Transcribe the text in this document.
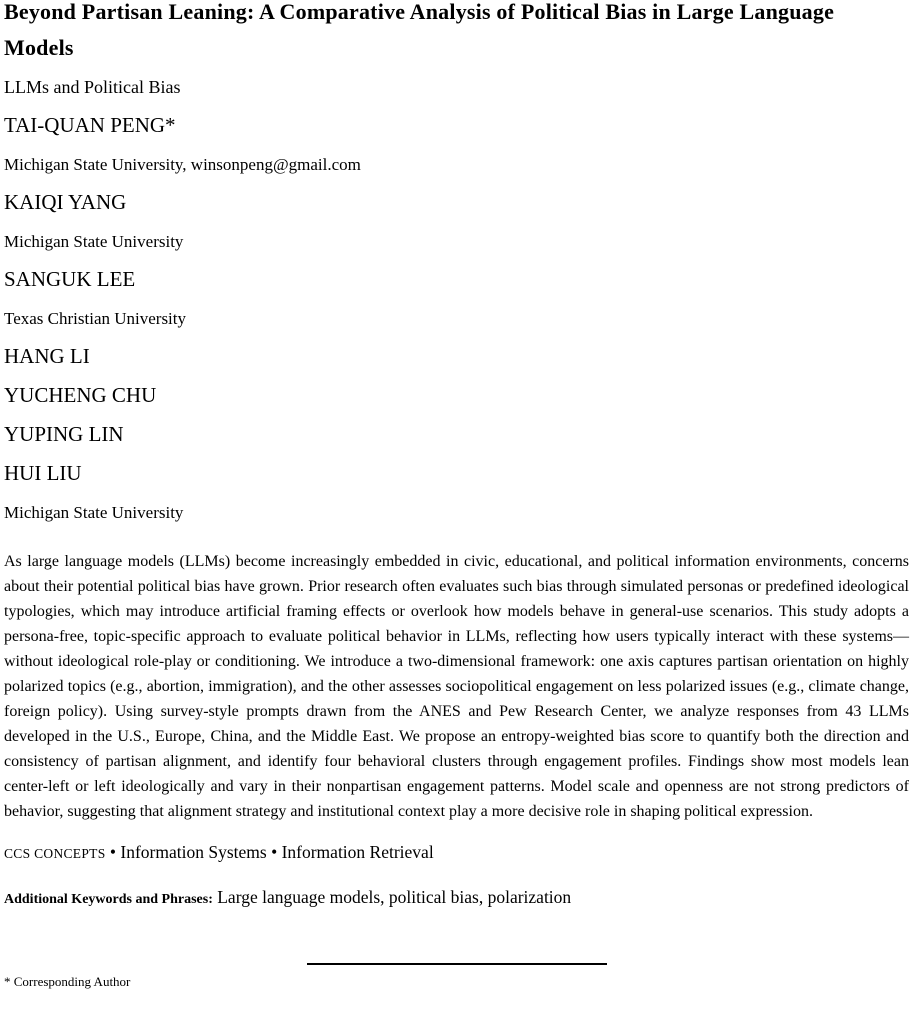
Beyond Partisan Leaning: A Comparative Analysis of Political Bias in Large Language Models
LLMs and Political Bias
TAI-QUAN PENG*
Michigan State University, winsonpeng@gmail.com
KAIQI YANG
Michigan State University
SANGUK LEE
Texas Christian University
HANG LI
YUCHENG CHU
YUPING LIN
HUI LIU
Michigan State University

As large language models (LLMs) become increasingly embedded in civic, educational, and political information environments, concerns about their potential political bias have grown. Prior research often evaluates such bias through simulated personas or predefined ideological typologies, which may introduce artificial framing effects or overlook how models behave in general-use scenarios. This study adopts a persona-free, topic-specific approach to evaluate political behavior in LLMs, reflecting how users typically interact with these systems—without ideological role-play or conditioning. We introduce a two-dimensional framework: one axis captures partisan orientation on highly polarized topics (e.g., abortion, immigration), and the other assesses sociopolitical engagement on less polarized issues (e.g., climate change, foreign policy). Using survey-style prompts drawn from the ANES and Pew Research Center, we analyze responses from 43 LLMs developed in the U.S., Europe, China, and the Middle East. We propose an entropy-weighted bias score to quantify both the direction and consistency of partisan alignment, and identify four behavioral clusters through engagement profiles. Findings show most models lean center-left or left ideologically and vary in their nonpartisan engagement patterns. Model scale and openness are not strong predictors of behavior, suggesting that alignment strategy and institutional context play a more decisive role in shaping political expression.

CCS CONCEPTS • Information Systems • Information Retrieval

Additional Keywords and Phrases: Large language models, political bias, polarization

* Corresponding Author
